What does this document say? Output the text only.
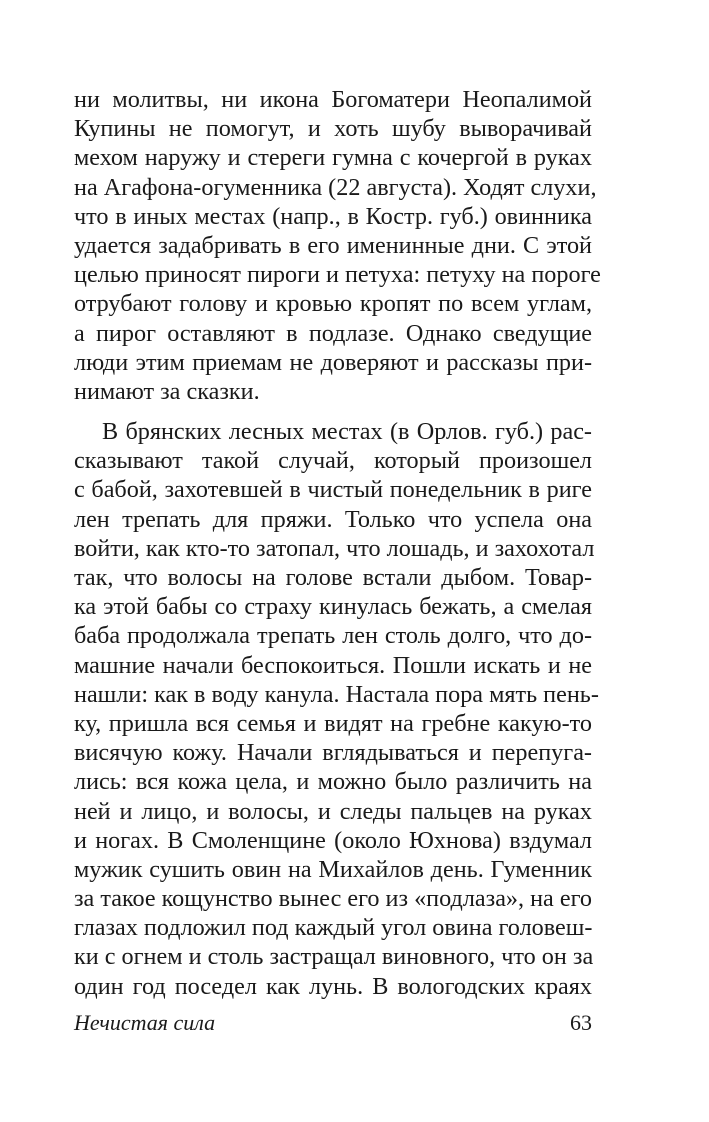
ни молитвы, ни икона Богоматери Неопалимой
Купины не помогут, и хоть шубу выворачивай
мехом наружу и стереги гумна с кочергой в руках
на Агафона-огуменника (22 августа). Ходят слухи,
что в иных местах (напр., в Костр. губ.) овинника
удается задабривать в его именинные дни. С этой
целью приносят пироги и петуха: петуху на пороге
отрубают голову и кровью кропят по всем углам,
а пирог оставляют в подлазе. Однако сведущие
люди этим приемам не доверяют и рассказы при-
нимают за сказки.
В брянских лесных местах (в Орлов. губ.) рас-
сказывают такой случай, который произошел
с бабой, захотевшей в чистый понедельник в риге
лен трепать для пряжи. Только что успела она
войти, как кто-то затопал, что лошадь, и захохотал
так, что волосы на голове встали дыбом. Товар-
ка этой бабы со страху кинулась бежать, а смелая
баба продолжала трепать лен столь долго, что до-
машние начали беспокоиться. Пошли искать и не
нашли: как в воду канула. Настала пора мять пень-
ку, пришла вся семья и видят на гребне какую-то
висячую кожу. Начали вглядываться и перепуга-
лись: вся кожа цела, и можно было различить на
ней и лицо, и волосы, и следы пальцев на руках
и ногах. В Смоленщине (около Юхнова) вздумал
мужик сушить овин на Михайлов день. Гуменник
за такое кощунство вынес его из «подлаза», на его
глазах подложил под каждый угол овина головеш-
ки с огнем и столь застращал виновного, что он за
один год поседел как лунь. В вологодских краях
Нечистая сила	63
